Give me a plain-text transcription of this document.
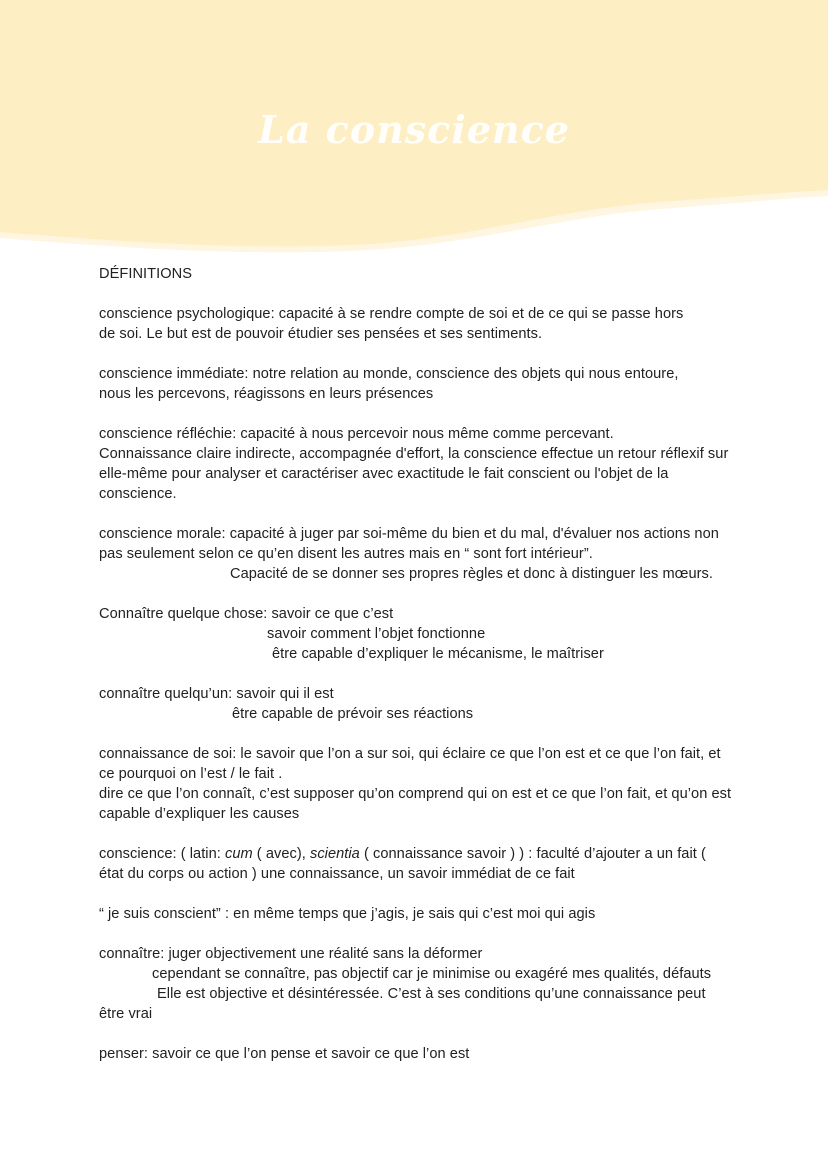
La conscience
DÉFINITIONS
conscience psychologique: capacité à se rendre compte de soi et de ce qui se passe hors
de soi. Le but est de pouvoir étudier ses pensées et ses sentiments.
conscience immédiate: notre relation au monde, conscience des objets qui nous entoure,
nous les percevons, réagissons en leurs présences
conscience réfléchie: capacité à nous percevoir nous même comme percevant.
Connaissance claire indirecte, accompagnée d'effort, la conscience effectue un retour réflexif sur
elle-même pour analyser et caractériser avec exactitude le fait conscient ou l'objet de la
conscience.
conscience morale: capacité à juger par soi-même du bien et du mal, d'évaluer nos actions non
pas seulement selon ce qu’en disent les autres mais en “ sont fort intérieur”.
Capacité de se donner ses propres règles et donc à distinguer les mœurs.
Connaître quelque chose: savoir ce que c’est
savoir comment l’objet fonctionne
être capable d’expliquer le mécanisme, le maîtriser
connaître quelqu’un: savoir qui il est
être capable de prévoir ses réactions
connaissance de soi: le savoir que l’on a sur soi, qui éclaire ce que l’on est et ce que l’on fait, et
ce pourquoi on l’est / le fait .
dire ce que l’on connaît, c’est supposer qu’on comprend qui on est et ce que l’on fait, et qu’on est
capable d’expliquer les causes
conscience: ( latin: cum ( avec), scientia ( connaissance savoir ) ) : faculté d’ajouter a un fait (
état du corps ou action ) une connaissance, un savoir immédiat de ce fait
“ je suis conscient” : en même temps que j’agis, je sais qui c’est moi qui agis
connaître: juger objectivement une réalité sans la déformer
cependant se connaître, pas objectif car je minimise ou exagéré mes qualités, défauts
Elle est objective et désintéressée. C’est à ses conditions qu’une connaissance peut
être vrai
penser: savoir ce que l’on pense et savoir ce que l’on est
